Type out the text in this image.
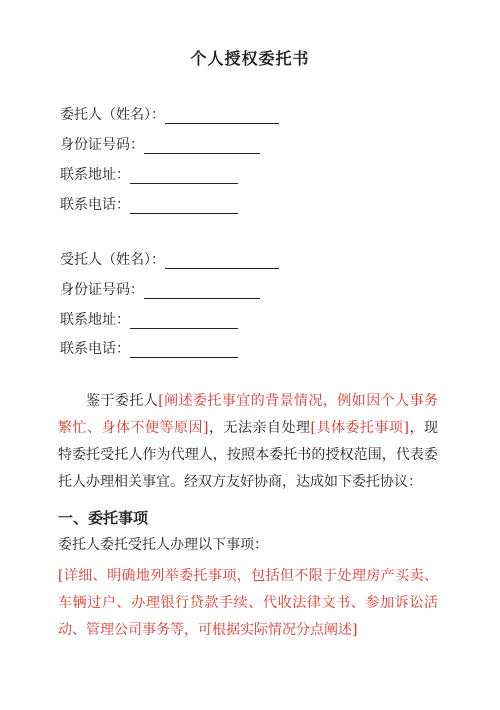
个人授权委托书
委托人（姓名）：
身份证号码：
联系地址：
联系电话：
受托人（姓名）：
身份证号码：
联系地址：
联系电话：
鉴于委托人[阐述委托事宜的背景情况，例如因个人事务繁忙、身体不便等原因]，无法亲自处理[具体委托事项]，现特委托受托人作为代理人，按照本委托书的授权范围，代表委托人办理相关事宜。经双方友好协商，达成如下委托协议：
一、委托事项
委托人委托受托人办理以下事项：
[详细、明确地列举委托事项，包括但不限于处理房产买卖、车辆过户、办理银行贷款手续、代收法律文书、参加诉讼活动、管理公司事务等，可根据实际情况分点阐述]
